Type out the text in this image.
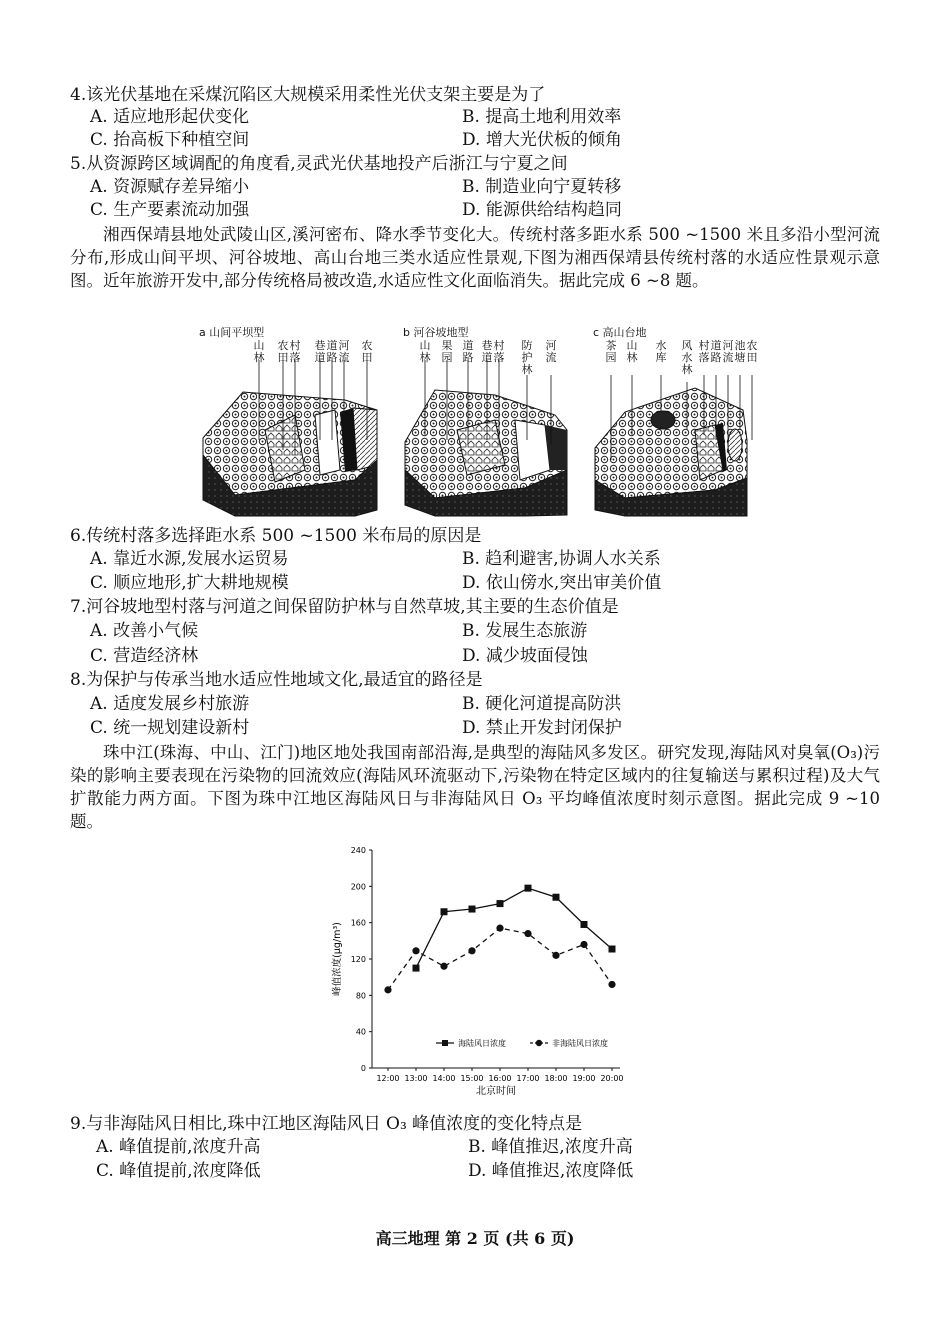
4.该光伏基地在采煤沉陷区大规模采用柔性光伏支架主要是为了
A. 适应地形起伏变化	B. 提高土地利用效率
C. 抬高板下种植空间	D. 增大光伏板的倾角
5.从资源跨区域调配的角度看,灵武光伏基地投产后浙江与宁夏之间
A. 资源赋存差异缩小	B. 制造业向宁夏转移
C. 生产要素流动加强	D. 能源供给结构趋同
湘西保靖县地处武陵山区,溪河密布、降水季节变化大。传统村落多距水系 500 ~1500 米且多沿小型河流分布,形成山间平坝、河谷坡地、高山台地三类水适应性景观,下图为湘西保靖县传统村落的水适应性景观示意图。近年旅游开发中,部分传统格局被改造,水适应性文化面临消失。据此完成 6 ~8 题。
a 山间平坝型	b 河谷坡地型	c 高山台地
山林
农田
村落
巷道
道路
河流
农田
山林
果园
道路
巷道
村落
防护林
河流
茶园
山林
水库
风水林
村落
道路
河流
池塘
农田
6.传统村落多选择距水系 500 ~1500 米布局的原因是
A. 靠近水源,发展水运贸易	B. 趋利避害,协调人水关系
C. 顺应地形,扩大耕地规模	D. 依山傍水,突出审美价值
7.河谷坡地型村落与河道之间保留防护林与自然草坡,其主要的生态价值是
A. 改善小气候	B. 发展生态旅游
C. 营造经济林	D. 减少坡面侵蚀
8.为保护与传承当地水适应性地域文化,最适宜的路径是
A. 适度发展乡村旅游	B. 硬化河道提高防洪
C. 统一规划建设新村	D. 禁止开发封闭保护
珠中江(珠海、中山、江门)地区地处我国南部沿海,是典型的海陆风多发区。研究发现,海陆风对臭氧(O₃)污染的影响主要表现在污染物的回流效应(海陆风环流驱动下,污染物在特定区域内的往复输送与累积过程)及大气扩散能力两方面。下图为珠中江地区海陆风日与非海陆风日 O₃ 平均峰值浓度时刻示意图。据此完成 9 ~10 题。
0
40
80
120
160
200
240
12:00 13:00 14:00 15:00 16:00 17:00 18:00 19:00 20:00
海陆风日浓度	非海陆风日浓度
北京时间
峰值浓度(μg/m³)
9.与非海陆风日相比,珠中江地区海陆风日 O₃ 峰值浓度的变化特点是
A. 峰值提前,浓度升高	B. 峰值推迟,浓度升高
C. 峰值提前,浓度降低	D. 峰值推迟,浓度降低
高三地理 第 2 页 (共 6 页)
